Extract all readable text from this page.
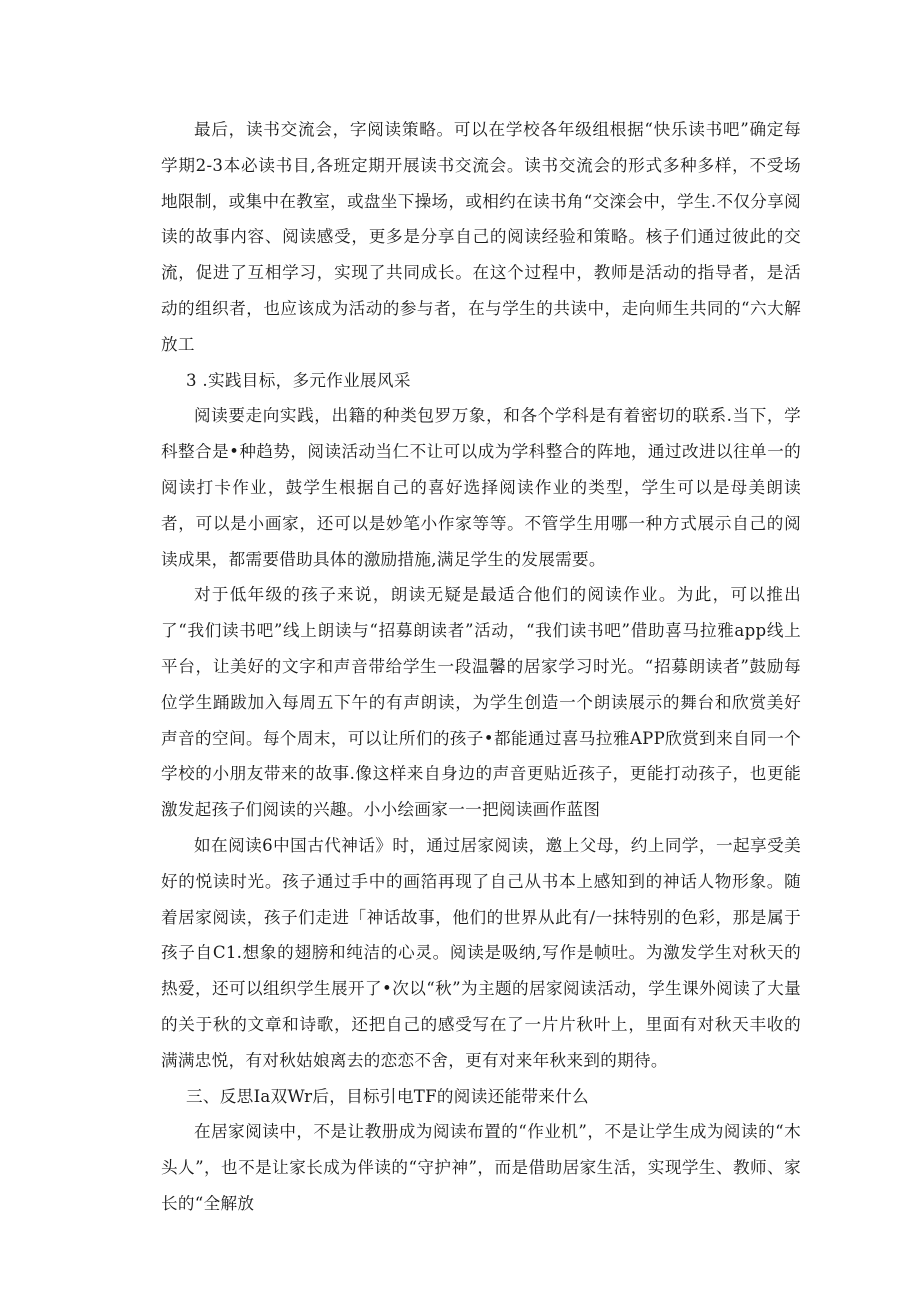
最后，读书交流会，字阅读策略。可以在学校各年级组根据“快乐读书吧”确定每学期2-3本必读书目,各班定期开展读书交流会。读书交流会的形式多种多样，不受场地限制，或集中在教室，或盘坐下操场，或相约在读书角“交滦会中，学生.不仅分享阅读的故事内容、阅读感受，更多是分享自己的阅读经验和策略。核子们通过彼此的交流，促进了互相学习，实现了共同成长。在这个过程中，教师是活动的指导者，是活动的组织者，也应该成为活动的参与者，在与学生的共读中，走向师生共同的“六大解放工

3 .实践目标，多元作业展风采

阅读要走向实践，出籍的种类包罗万象，和各个学科是有着密切的联系.当下，学科整合是•种趋势，阅读活动当仁不让可以成为学科整合的阵地，通过改进以往单一的阅读打卡作业，鼓学生根据自己的喜好选择阅读作业的类型，学生可以是母美朗读者，可以是小画家，还可以是妙笔小作家等等。不管学生用哪一种方式展示自己的阅读成果，都需要借助具体的激励措施,满足学生的发展需要。

对于低年级的孩子来说，朗读无疑是最适合他们的阅读作业。为此，可以推出了“我们读书吧”线上朗读与“招募朗读者”活动，“我们读书吧”借助喜马拉雅app线上平台，让美好的文字和声音带给学生一段温馨的居家学习时光。“招募朗读者”鼓励每位学生踊跋加入每周五下午的有声朗读，为学生创造一个朗读展示的舞台和欣赏美好声音的空间。每个周末，可以让所们的孩子•都能通过喜马拉雅APP欣赏到来自同一个学校的小朋友带来的故事.像这样来自身边的声音更贴近孩子，更能打动孩子，也更能激发起孩子们阅读的兴趣。小小绘画家一一把阅读画作蓝图

如在阅读6中国古代神话》时，通过居家阅读，邀上父母，约上同学，一起享受美好的悦读时光。孩子通过手中的画箔再现了自己从书本上感知到的神话人物形象。随着居家阅读，孩子们走进「神话故事，他们的世界从此有/一抹特别的色彩，那是属于孩子自C1.想象的翅膀和纯洁的心灵。阅读是吸纳,写作是帧吐。为激发学生对秋天的热爱，还可以组织学生展开了•次以“秋”为主题的居家阅读活动，学生课外阅读了大量的关于秋的文章和诗歌，还把自己的感受写在了一片片秋叶上，里面有对秋天丰收的满满忠悦，有对秋姑娘离去的恋恋不舍，更有对来年秋来到的期待。

三、反思Ia双Wr后，目标引电TF的阅读还能带来什么

在居家阅读中，不是让教册成为阅读布置的“作业机”，不是让学生成为阅读的“木头人”，也不是让家长成为伴读的“守护神”，而是借助居家生活，实现学生、教师、家长的“全解放
